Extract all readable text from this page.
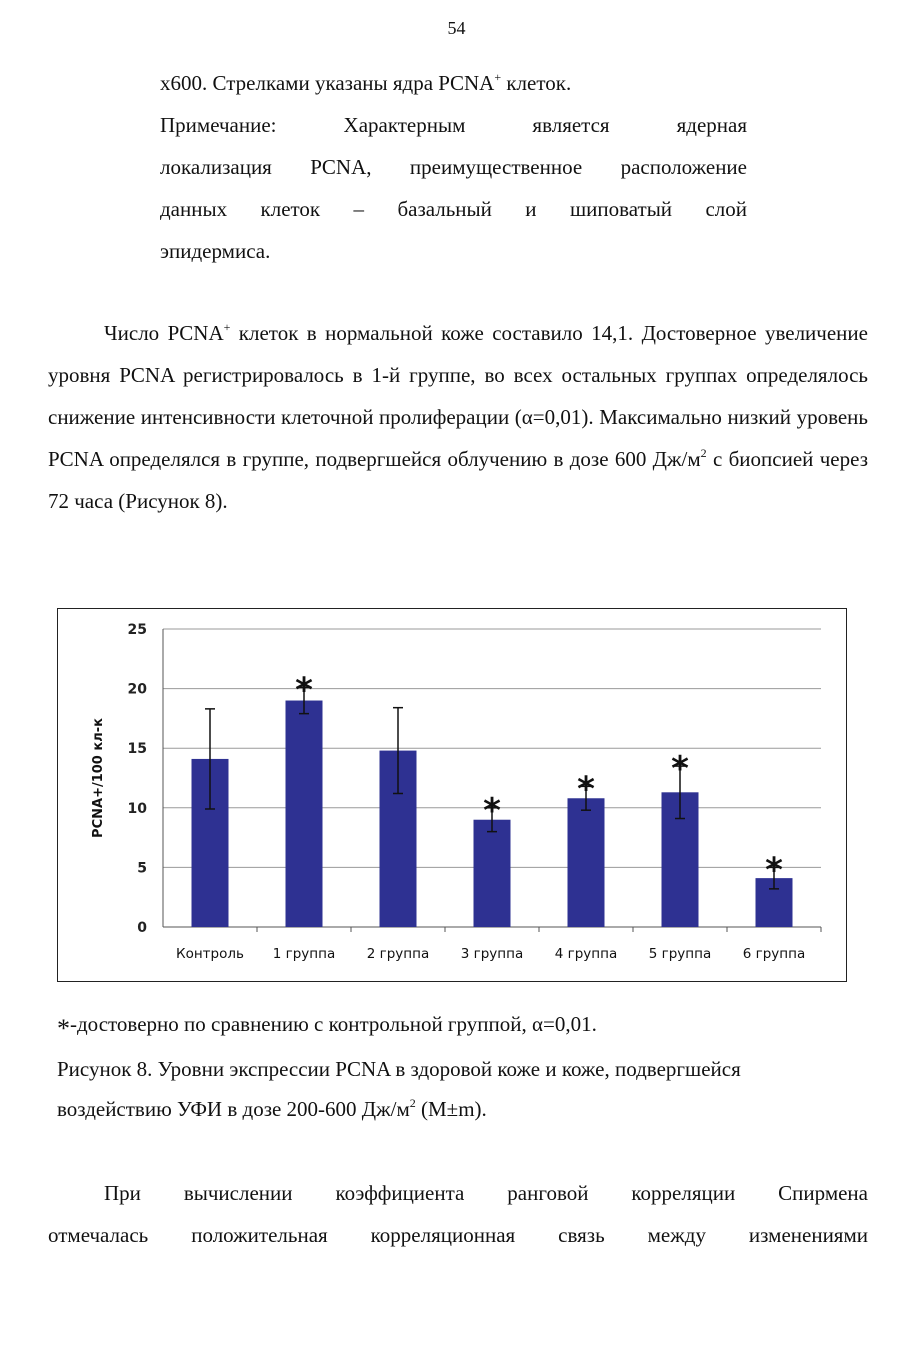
54

х600. Стрелками указаны ядра PCNA+ клеток.

Примечание: Характерным является ядерная

локализация PCNA, преимущественное расположение

данных клеток – базальный и шиповатый слой

эпидермиса.

Число PCNA+ клеток в нормальной коже составило 14,1. Достоверное увеличение уровня PCNA регистрировалось в 1-й группе, во всех остальных группах определялось снижение интенсивности клеточной пролиферации (α=0,01). Максимально низкий уровень PCNA определялся в группе, подвергшейся облучению в дозе 600 $Дж/м^2$ с биопсией через 72 часа (Рисунок 8).

0
5
10
15
20
25
PCNA+/100 кл-к
Контроль
*
1 группа 2 группа
*
3 группа
*
4 группа
*
5 группа
*
6 группа

*-достоверно по сравнению с контрольной группой, α=0,01.

Рисунок 8. Уровни экспрессии PCNA в здоровой коже и коже, подвергшейся

воздействию УФИ в дозе 200-600 $Дж/м^2$ (M±m).

При вычислении коэффициента ранговой корреляции Спирмена

отмечалась положительная корреляционная связь между изменениями
